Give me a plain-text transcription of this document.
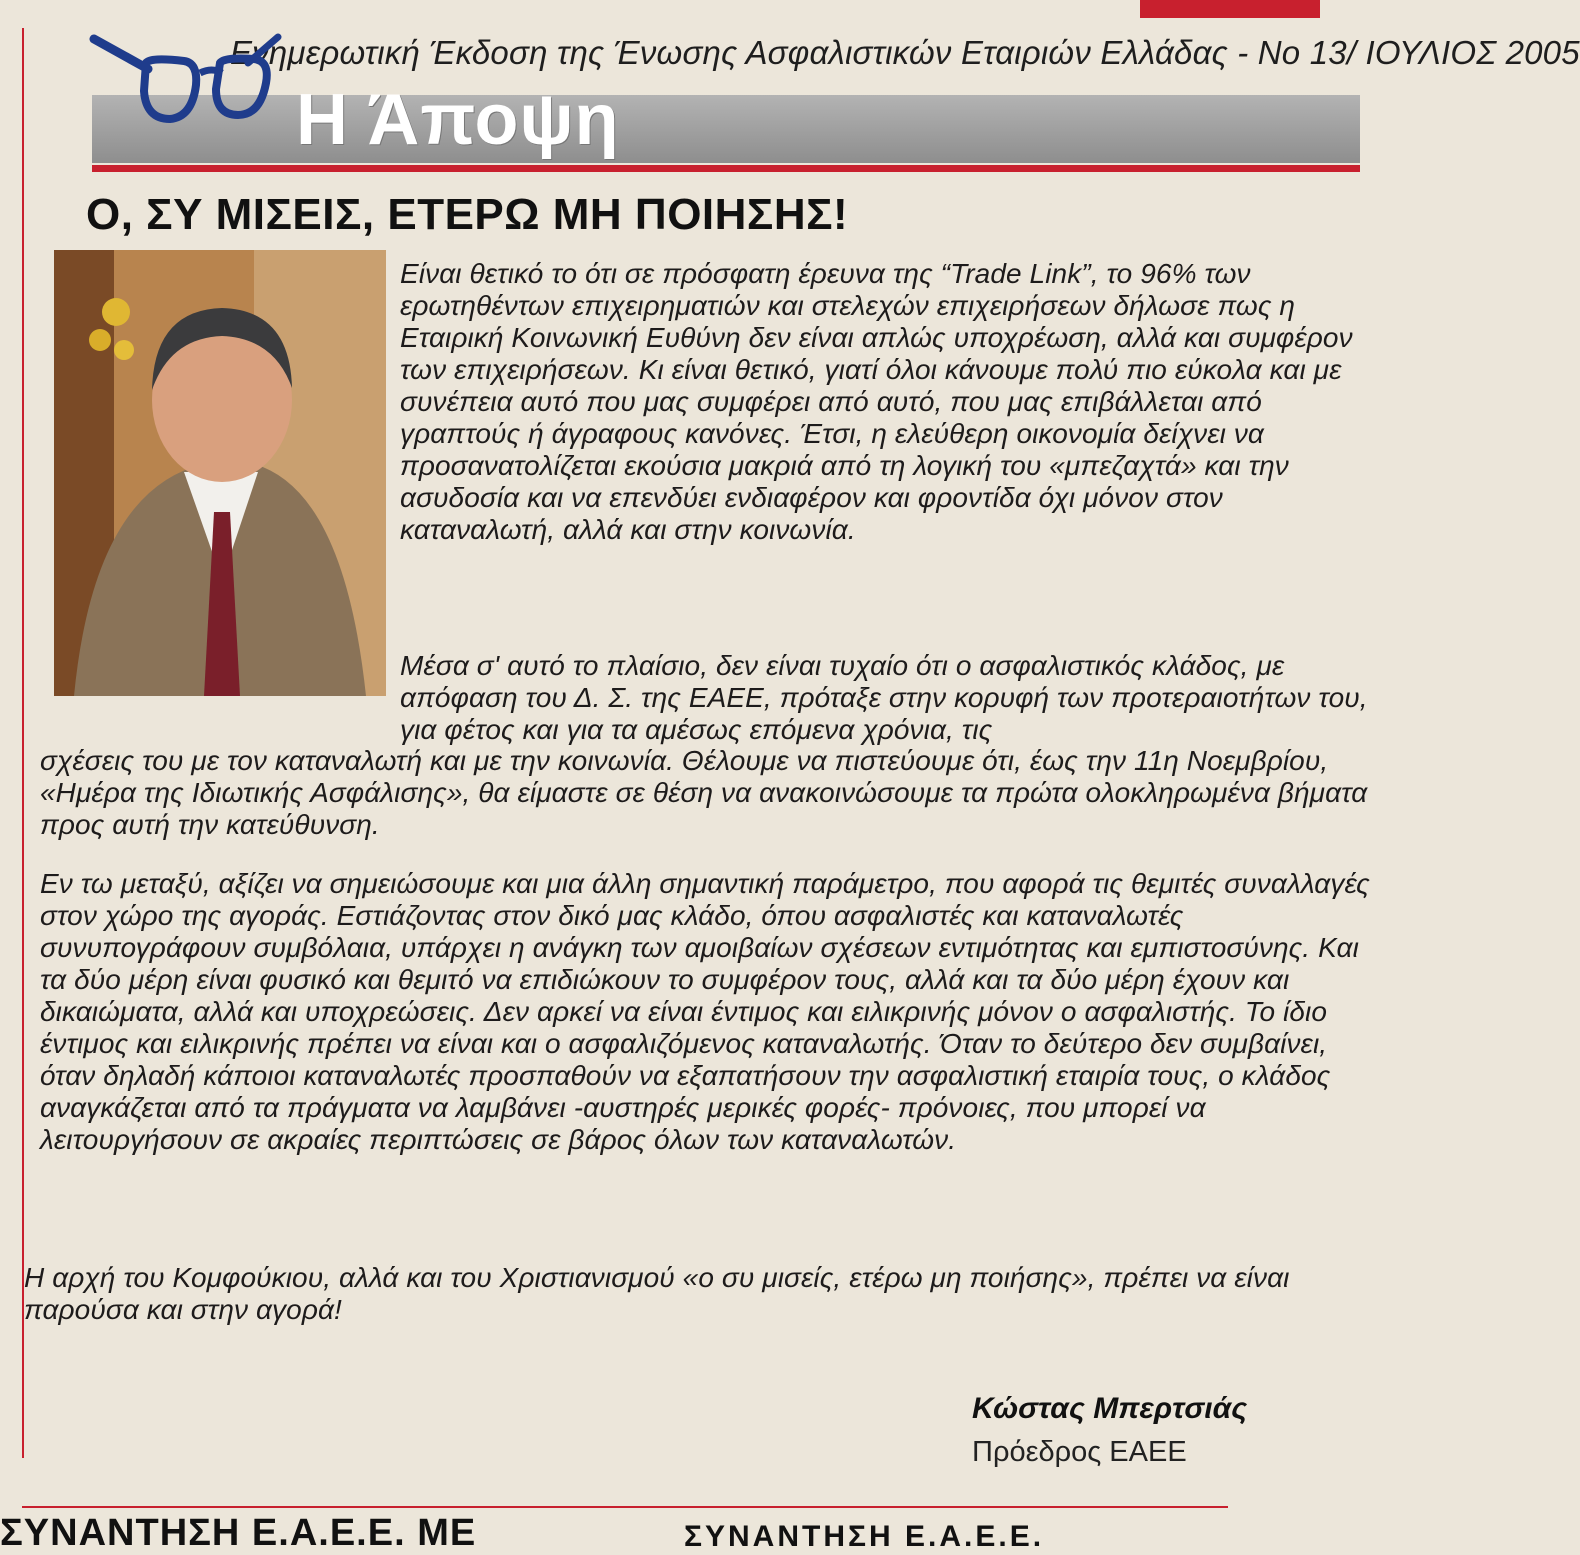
Ενημερωτική Έκδοση της Ένωσης Ασφαλιστικών Εταιριών Ελλάδας - Νο 13/ ΙΟΥΛΙΟΣ 2005
Η Άποψη
Ο, ΣΥ ΜΙΣΕΙΣ, ΕΤΕΡΩ ΜΗ ΠΟΙΗΣΗΣ!

Είναι θετικό το ότι σε πρόσφατη έρευνα της “Trade Link”, το 96% των ερωτηθέντων επιχειρηματιών και στελεχών επιχειρήσεων δήλωσε πως η Εταιρική Κοινωνική Ευθύνη δεν είναι απλώς υποχρέωση, αλλά και συμφέρον των επιχειρήσεων. Κι είναι θετικό, γιατί όλοι κάνουμε πολύ πιο εύκολα και με συνέπεια αυτό που μας συμφέρει από αυτό, που μας επιβάλλεται από γραπτούς ή άγραφους κανόνες. Έτσι, η ελεύθερη οικονομία δείχνει να προσανατολίζεται εκούσια μακριά από τη λογική του «μπεζαχτά» και την ασυδοσία και να επενδύει ενδιαφέρον και φροντίδα όχι μόνον στον καταναλωτή, αλλά και στην κοινωνία.

Μέσα σ' αυτό το πλαίσιο, δεν είναι τυχαίο ότι ο ασφαλιστικός κλάδος, με απόφαση του Δ. Σ. της ΕΑΕΕ, πρόταξε στην κορυφή των προτεραιοτήτων του, για φέτος και για τα αμέσως επόμενα χρόνια, τις

σχέσεις του με τον καταναλωτή και με την κοινωνία. Θέλουμε να πιστεύουμε ότι, έως την 11η Νοεμβρίου, «Ημέρα της Ιδιωτικής Ασφάλισης», θα είμαστε σε θέση να ανακοινώσουμε τα πρώτα ολοκληρωμένα βήματα προς αυτή την κατεύθυνση.

Εν τω μεταξύ, αξίζει να σημειώσουμε και μια άλλη σημαντική παράμετρο, που αφορά τις θεμιτές συναλλαγές στον χώρο της αγοράς. Εστιάζοντας στον δικό μας κλάδο, όπου ασφαλιστές και καταναλωτές συνυπογράφουν συμβόλαια, υπάρχει η ανάγκη των αμοιβαίων σχέσεων εντιμότητας και εμπιστοσύνης. Και τα δύο μέρη είναι φυσικό και θεμιτό να επιδιώκουν το συμφέρον τους, αλλά και τα δύο μέρη έχουν και δικαιώματα, αλλά και υποχρεώσεις. Δεν αρκεί να είναι έντιμος και ειλικρινής μόνον ο ασφαλιστής. Το ίδιο έντιμος και ειλικρινής πρέπει να είναι και ο ασφαλιζόμενος καταναλωτής. Όταν το δεύτερο δεν συμβαίνει, όταν δηλαδή κάποιοι καταναλωτές προσπαθούν να εξαπατήσουν την ασφαλιστική εταιρία τους, ο κλάδος αναγκάζεται από τα πράγματα να λαμβάνει -αυστηρές μερικές φορές- πρόνοιες, που μπορεί να λειτουργήσουν σε ακραίες περιπτώσεις σε βάρος όλων των καταναλωτών.

Η αρχή του Κομφούκιου, αλλά και του Χριστιανισμού «ο συ μισείς, ετέρω μη ποιήσης», πρέπει να είναι παρούσα και στην αγορά!

Κώστας Μπερτσιάς
Πρόεδρος ΕΑΕΕ
ΣΥΝΑΝΤΗΣΗ Ε.Α.Ε.Ε. ΜΕ	ΣΥΝΑΝΤΗΣΗ Ε.Α.Ε.Ε.
